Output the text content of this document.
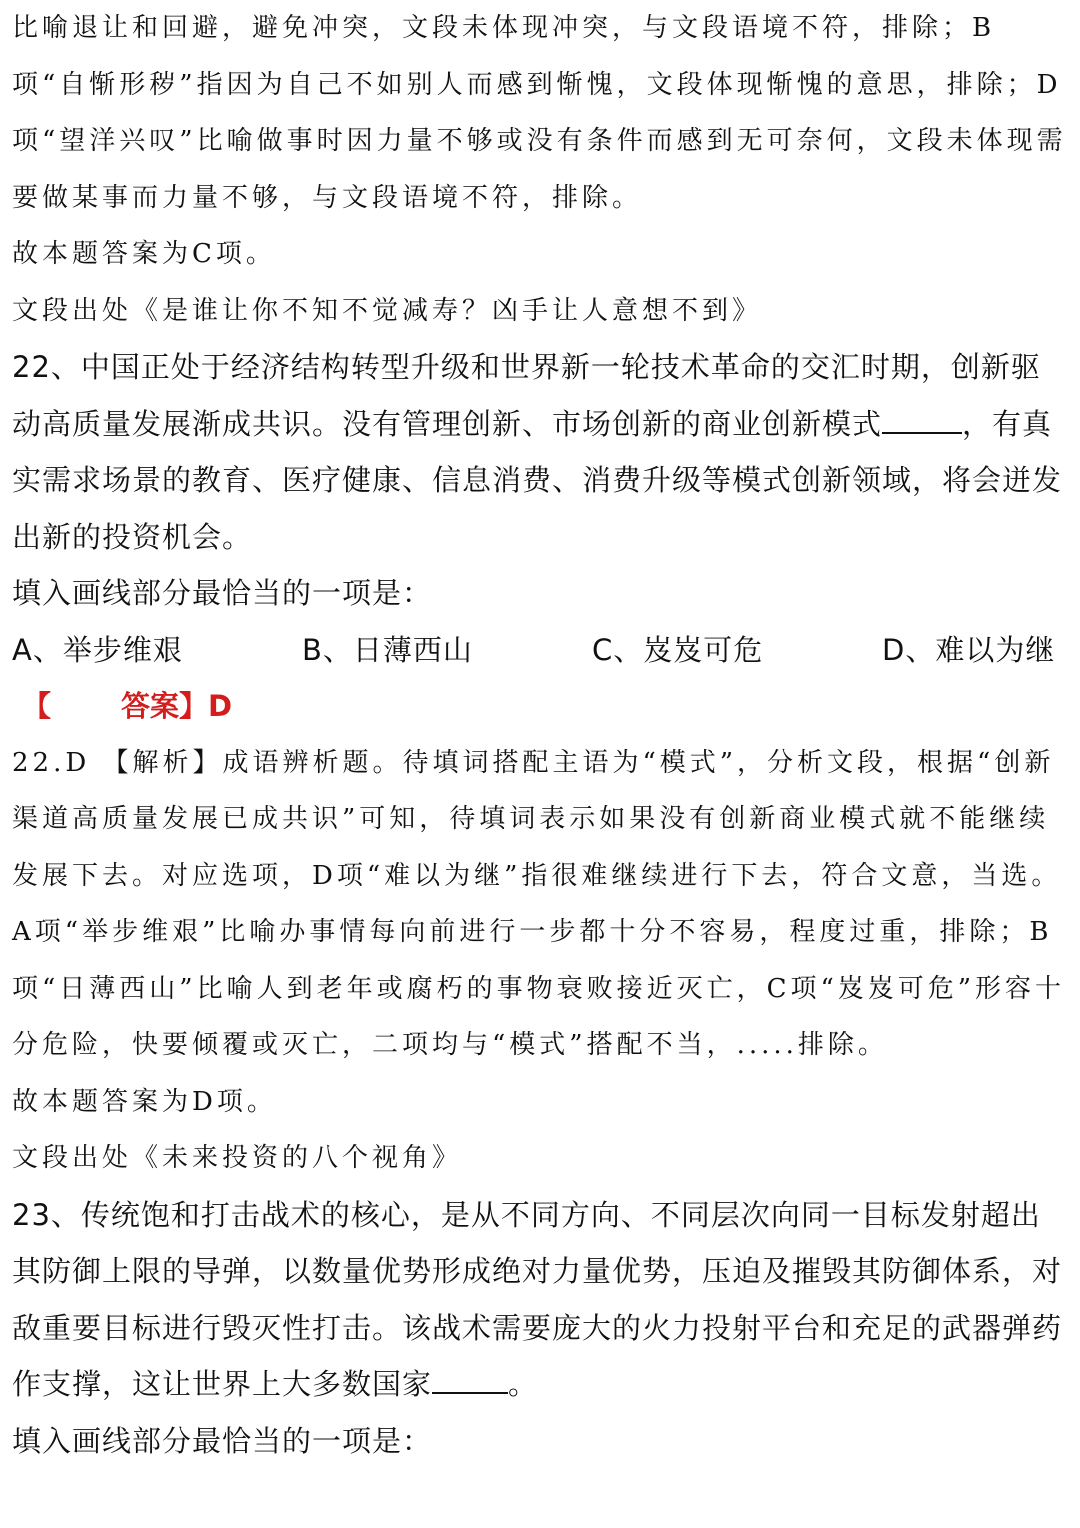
比喻退让和回避，避免冲突，文段未体现冲突，与文段语境不符，排除；B项“自惭形秽”指因为自己不如别人而感到惭愧，文段体现惭愧的意思，排除；D项“望洋兴叹”比喻做事时因力量不够或没有条件而感到无可奈何，文段未体现需要做某事而力量不够，与文段语境不符，排除。

故本题答案为C项。

文段出处《是谁让你不知不觉减寿？凶手让人意想不到》

22、中国正处于经济结构转型升级和世界新一轮技术革命的交汇时期，创新驱动高质量发展渐成共识。没有管理创新、市场创新的商业创新模式	，有真实需求场景的教育、医疗健康、信息消费、消费升级等模式创新领域，将会迸发出新的投资机会。

填入画线部分最恰当的一项是：

A、举步维艰	B、日薄西山	C、岌岌可危	D、难以为继

【 答案】D

22.D 【解析】成语辨析题。待填词搭配主语为“模式”，分析文段，根据“创新渠道高质量发展已成共识”可知，待填词表示如果没有创新商业模式就不能继续发展下去。对应选项，D项“难以为继”指很难继续进行下去，符合文意，当选。A项“举步维艰”比喻办事情每向前进行一步都十分不容易，程度过重，排除；B项“日薄西山”比喻人到老年或腐朽的事物衰败接近灭亡，C项“岌岌可危”形容十分危险，快要倾覆或灭亡，二项均与“模式”搭配不当，.....排除。

故本题答案为D项。

文段出处《未来投资的八个视角》

23、传统饱和打击战术的核心，是从不同方向、不同层次向同一目标发射超出其防御上限的导弹，以数量优势形成绝对力量优势，压迫及摧毁其防御体系，对敌重要目标进行毁灭性打击。该战术需要庞大的火力投射平台和充足的武器弹药作支撑，这让世界上大多数国家	。

填入画线部分最恰当的一项是：
